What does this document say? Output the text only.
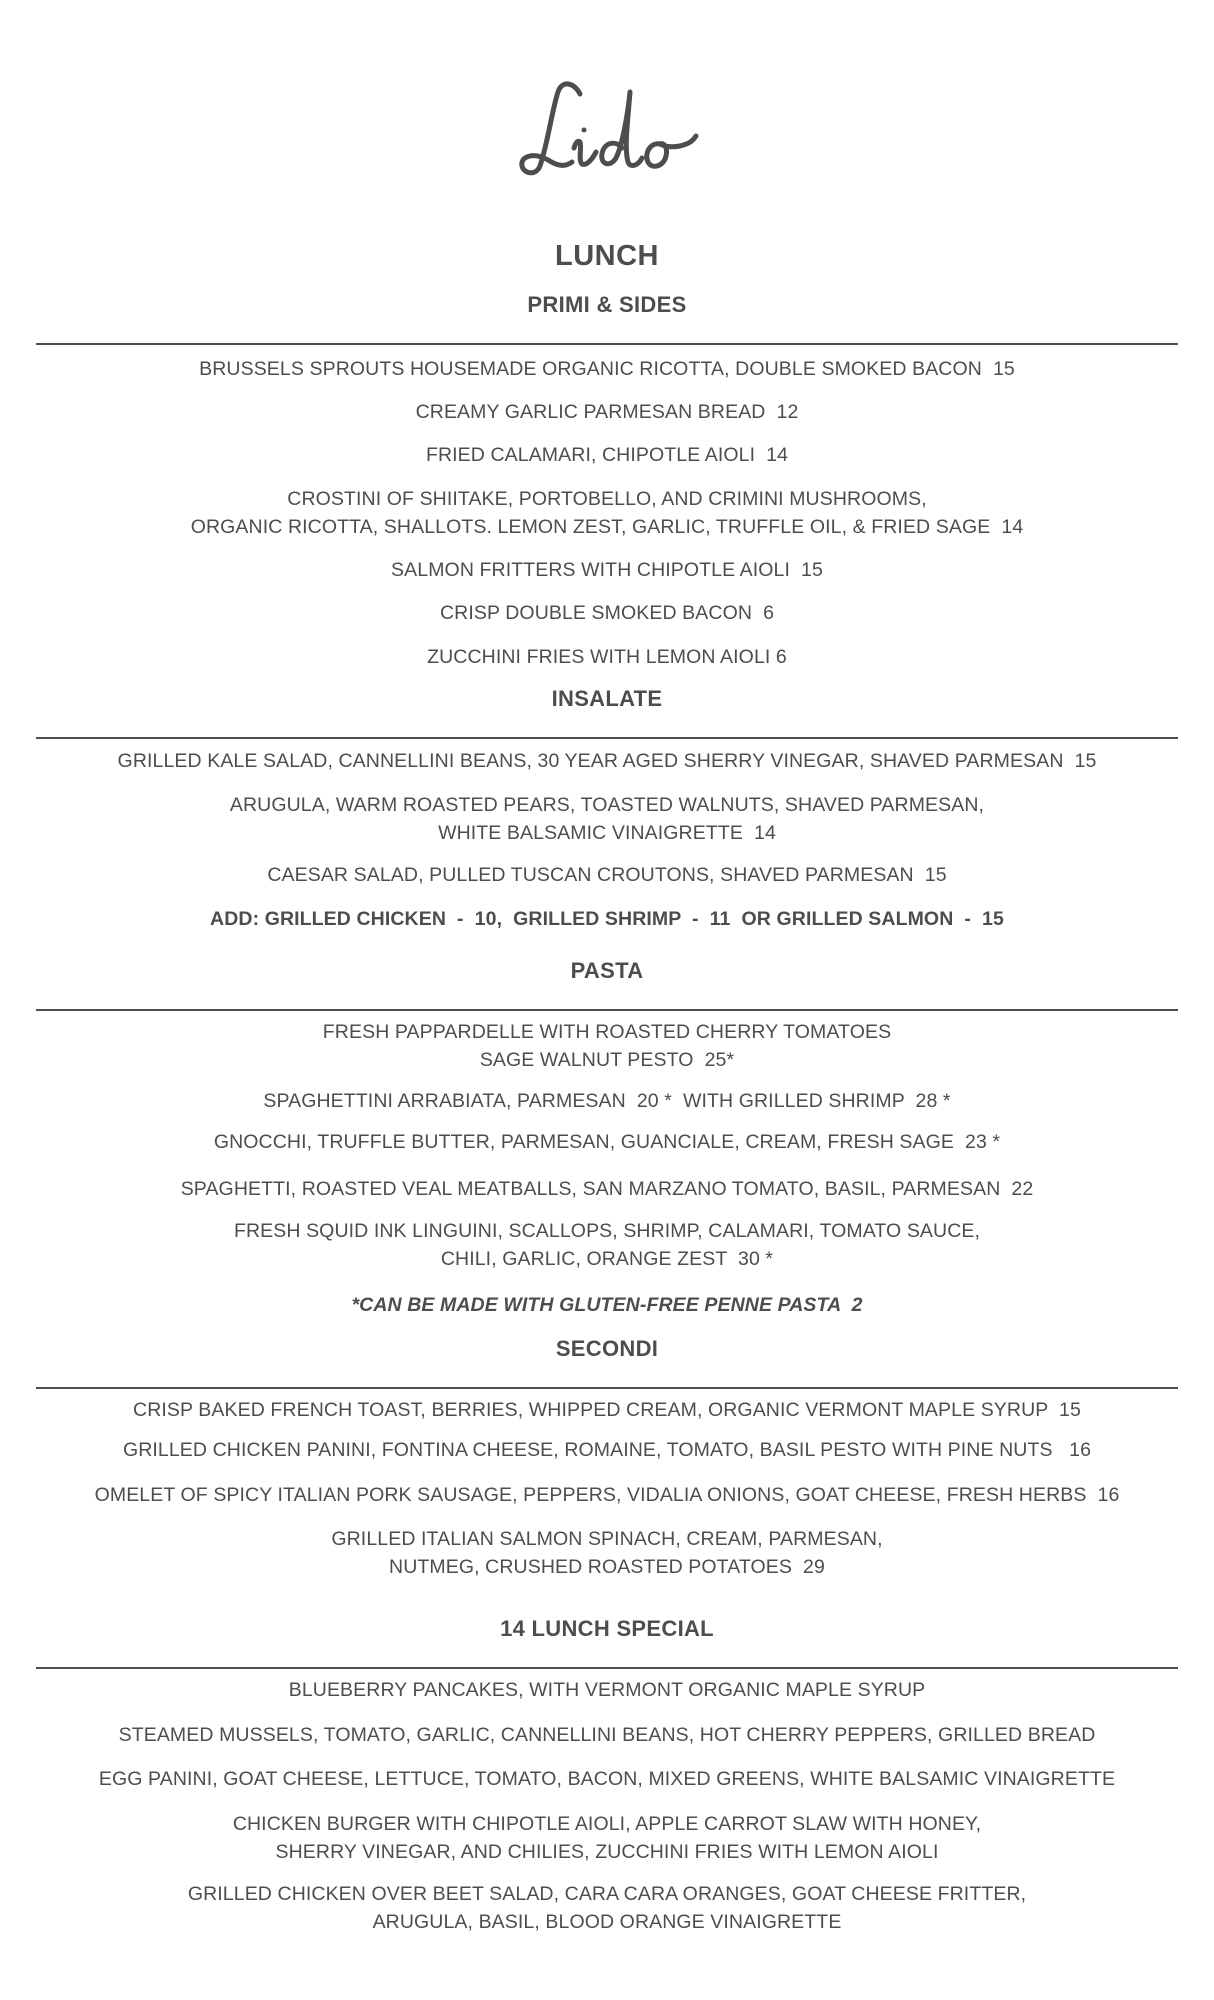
LUNCH
PRIMI & SIDES
BRUSSELS SPROUTS HOUSEMADE ORGANIC RICOTTA, DOUBLE SMOKED BACON  15
CREAMY GARLIC PARMESAN BREAD  12
FRIED CALAMARI, CHIPOTLE AIOLI  14
CROSTINI OF SHIITAKE, PORTOBELLO, AND CRIMINI MUSHROOMS,
ORGANIC RICOTTA, SHALLOTS. LEMON ZEST, GARLIC, TRUFFLE OIL, & FRIED SAGE  14
SALMON FRITTERS WITH CHIPOTLE AIOLI  15
CRISP DOUBLE SMOKED BACON  6
ZUCCHINI FRIES WITH LEMON AIOLI 6
INSALATE
GRILLED KALE SALAD, CANNELLINI BEANS, 30 YEAR AGED SHERRY VINEGAR, SHAVED PARMESAN  15
ARUGULA, WARM ROASTED PEARS, TOASTED WALNUTS, SHAVED PARMESAN,
WHITE BALSAMIC VINAIGRETTE  14
CAESAR SALAD, PULLED TUSCAN CROUTONS, SHAVED PARMESAN  15
ADD: GRILLED CHICKEN  -  10,  GRILLED SHRIMP  -  11  OR GRILLED SALMON  -  15
PASTA
FRESH PAPPARDELLE WITH ROASTED CHERRY TOMATOES
SAGE WALNUT PESTO  25*
SPAGHETTINI ARRABIATA, PARMESAN  20 *  WITH GRILLED SHRIMP  28 *
GNOCCHI, TRUFFLE BUTTER, PARMESAN, GUANCIALE, CREAM, FRESH SAGE  23 *
SPAGHETTI, ROASTED VEAL MEATBALLS, SAN MARZANO TOMATO, BASIL, PARMESAN  22
FRESH SQUID INK LINGUINI, SCALLOPS, SHRIMP, CALAMARI, TOMATO SAUCE,
CHILI, GARLIC, ORANGE ZEST  30 *
*CAN BE MADE WITH GLUTEN-FREE PENNE PASTA  2
SECONDI
CRISP BAKED FRENCH TOAST, BERRIES, WHIPPED CREAM, ORGANIC VERMONT MAPLE SYRUP  15
GRILLED CHICKEN PANINI, FONTINA CHEESE, ROMAINE, TOMATO, BASIL PESTO WITH PINE NUTS   16
OMELET OF SPICY ITALIAN PORK SAUSAGE, PEPPERS, VIDALIA ONIONS, GOAT CHEESE, FRESH HERBS  16
GRILLED ITALIAN SALMON SPINACH, CREAM, PARMESAN,
NUTMEG, CRUSHED ROASTED POTATOES  29
14 LUNCH SPECIAL
BLUEBERRY PANCAKES, WITH VERMONT ORGANIC MAPLE SYRUP
STEAMED MUSSELS, TOMATO, GARLIC, CANNELLINI BEANS, HOT CHERRY PEPPERS, GRILLED BREAD
EGG PANINI, GOAT CHEESE, LETTUCE, TOMATO, BACON, MIXED GREENS, WHITE BALSAMIC VINAIGRETTE
CHICKEN BURGER WITH CHIPOTLE AIOLI, APPLE CARROT SLAW WITH HONEY,
SHERRY VINEGAR, AND CHILIES, ZUCCHINI FRIES WITH LEMON AIOLI
GRILLED CHICKEN OVER BEET SALAD, CARA CARA ORANGES, GOAT CHEESE FRITTER,
ARUGULA, BASIL, BLOOD ORANGE VINAIGRETTE
